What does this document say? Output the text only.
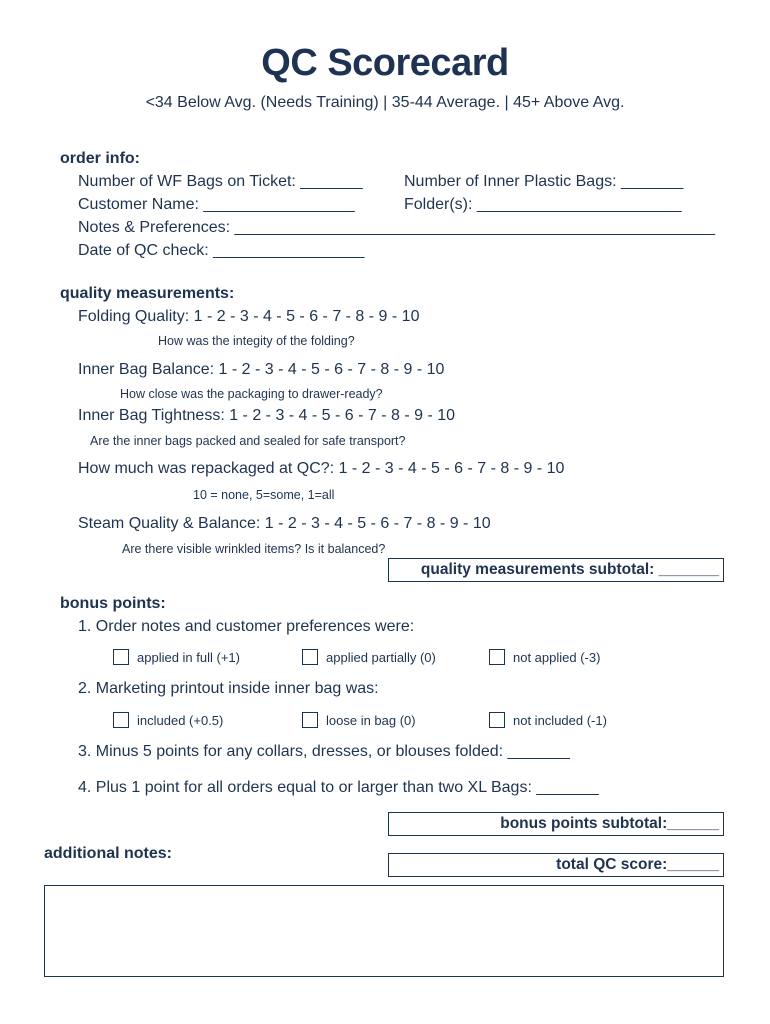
QC Scorecard
<34 Below Avg. (Needs Training) | 35-44 Average. | 45+ Above Avg.
order info:
Number of WF Bags on Ticket: _______	Number of Inner Plastic Bags: _______
Customer Name: _________________	Folder(s): _______________________
Notes & Preferences: ______________________________________________________
Date of QC check: _________________
quality measurements:
Folding Quality: 1 - 2 - 3 - 4 - 5 - 6 - 7 - 8 - 9 - 10
How was the integity of the folding?
Inner Bag Balance: 1 - 2 - 3 - 4 - 5 - 6 - 7 - 8 - 9 - 10
How close was the packaging to drawer-ready?
Inner Bag Tightness: 1 - 2 - 3 - 4 - 5 - 6 - 7 - 8 - 9 - 10
Are the inner bags packed and sealed for safe transport?
How much was repackaged at QC?: 1 - 2 - 3 - 4 - 5 - 6 - 7 - 8 - 9 - 10
10 = none, 5=some, 1=all
Steam Quality & Balance: 1 - 2 - 3 - 4 - 5 - 6 - 7 - 8 - 9 - 10
Are there visible wrinkled items? Is it balanced?
quality measurements subtotal: _______
bonus points:
1. Order notes and customer preferences were:
applied in full (+1)	applied partially (0)	not applied (-3)
2. Marketing printout inside inner bag was:
included (+0.5)	loose in bag (0)	not included (-1)
3. Minus 5 points for any collars, dresses, or blouses folded: _______
4. Plus 1 point for all orders equal to or larger than two XL Bags: _______
bonus points subtotal:______
additional notes:
total QC score:______
